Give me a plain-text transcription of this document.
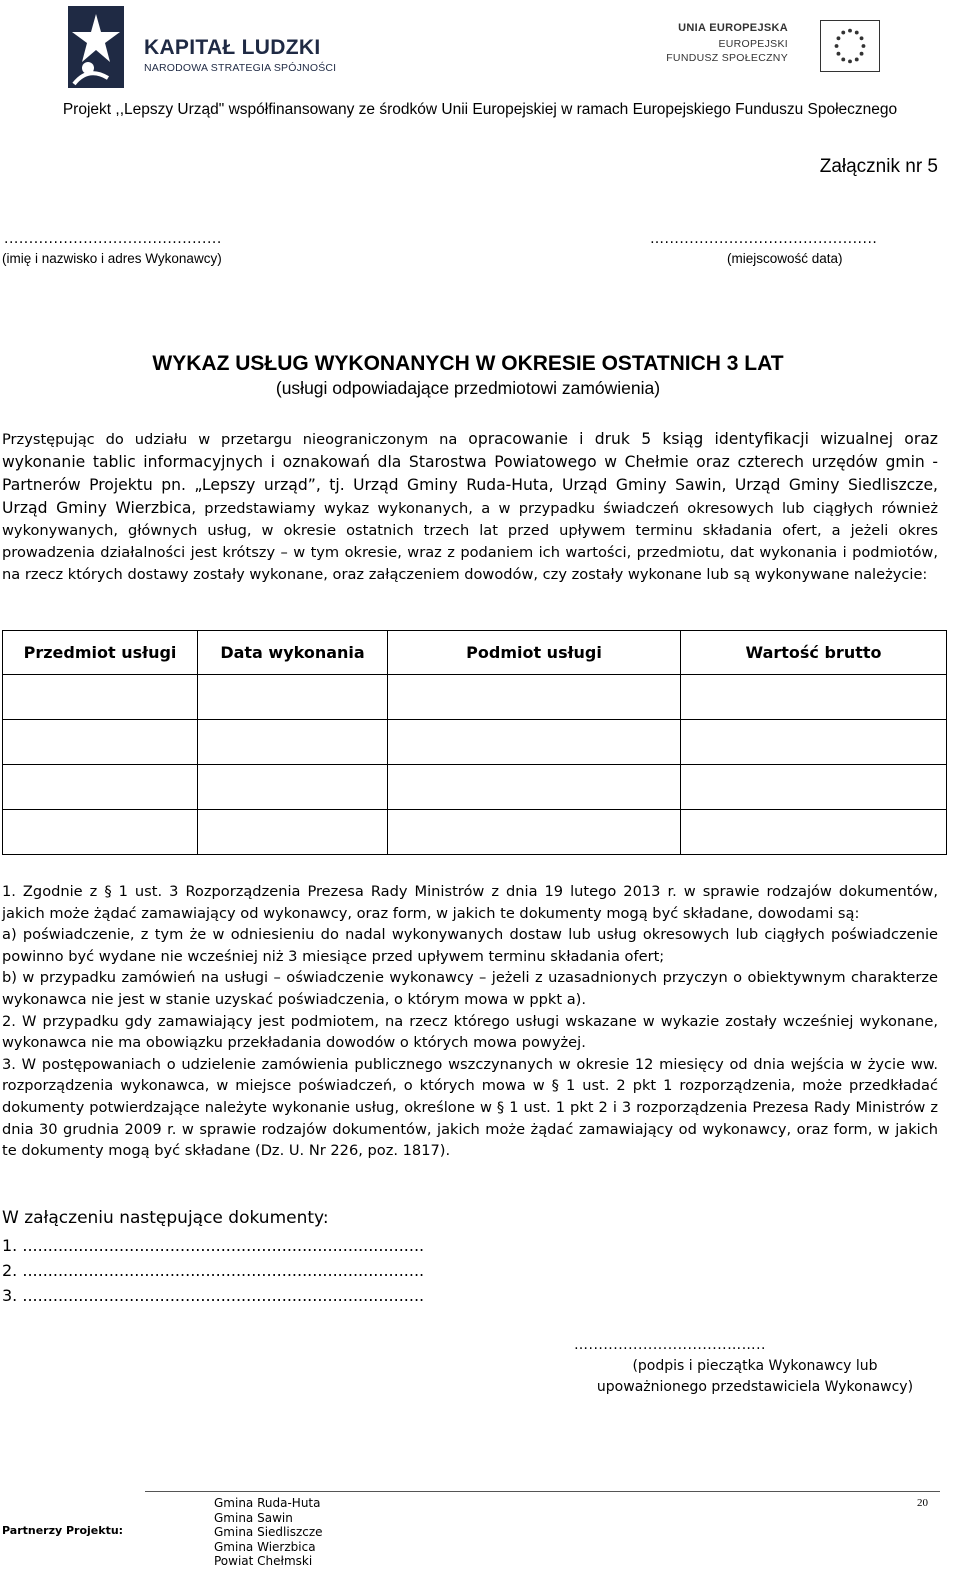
KAPITAŁ LUDZKI
NARODOWA STRATEGIA SPÓJNOŚCI
UNIA EUROPEJSKA
EUROPEJSKI
FUNDUSZ SPOŁECZNY
Projekt ,,Lepszy Urząd" współfinansowany ze środków Unii Europejskiej w ramach Europejskiego Funduszu Społecznego
Załącznik nr 5
............................................
(imię i nazwisko i adres Wykonawcy)
…...........................................
(miejscowość data)
WYKAZ USŁUG WYKONANYCH W OKRESIE OSTATNICH 3 LAT
(usługi odpowiadające przedmiotowi zamówienia)
Przystępując do udziału w przetargu nieograniczonym na opracowanie i druk 5 ksiąg identyfikacji wizualnej oraz wykonanie tablic informacyjnych i oznakowań dla Starostwa Powiatowego w Chełmie oraz czterech urzędów gmin - Partnerów Projektu pn. „Lepszy urząd”, tj. Urząd Gminy Ruda-Huta, Urząd Gminy Sawin, Urząd Gminy Siedliszcze, Urząd Gminy Wierzbica, przedstawiamy wykaz wykonanych, a w przypadku świadczeń okresowych lub ciągłych również wykonywanych, głównych usług, w okresie ostatnich trzech lat przed upływem terminu składania ofert, a jeżeli okres prowadzenia działalności jest krótszy – w tym okresie, wraz z podaniem ich wartości, przedmiotu, dat wykonania i podmiotów, na rzecz których dostawy zostały wykonane, oraz załączeniem dowodów, czy zostały wykonane lub są wykonywane należycie:
Przedmiot usługi	Data wykonania	Podmiot usługi	Wartość brutto

1. Zgodnie z § 1 ust. 3 Rozporządzenia Prezesa Rady Ministrów z dnia 19 lutego 2013 r. w sprawie rodzajów dokumentów, jakich może żądać zamawiający od wykonawcy, oraz form, w jakich te dokumenty mogą być składane, dowodami są:

a) poświadczenie, z tym że w odniesieniu do nadal wykonywanych dostaw lub usług okresowych lub ciągłych poświadczenie powinno być wydane nie wcześniej niż 3 miesiące przed upływem terminu składania ofert;

b) w przypadku zamówień na usługi – oświadczenie wykonawcy – jeżeli z uzasadnionych przyczyn o obiektywnym charakterze wykonawca nie jest w stanie uzyskać poświadczenia, o którym mowa w ppkt a).

2. W przypadku gdy zamawiający jest podmiotem, na rzecz którego usługi wskazane w wykazie zostały wcześniej wykonane, wykonawca nie ma obowiązku przekładania dowodów o których mowa powyżej.

3. W postępowaniach o udzielenie zamówienia publicznego wszczynanych w okresie 12 miesięcy od dnia wejścia w życie ww. rozporządzenia wykonawca, w miejsce poświadczeń, o których mowa w § 1 ust. 2 pkt 1 rozporządzenia, może przedkładać dokumenty potwierdzające należyte wykonanie usług, określone w § 1 ust. 1 pkt 2 i 3 rozporządzenia Prezesa Rady Ministrów z dnia 30 grudnia 2009 r. w sprawie rodzajów dokumentów, jakich może żądać zamawiający od wykonawcy, oraz form, w jakich te dokumenty mogą być składane (Dz. U. Nr 226, poz. 1817).

W załączeniu następujące dokumenty:
1. ...............................................................................
2. ...............................................................................
3. ...............................................................................
…............................……..
(podpis i pieczątka Wykonawcy lub
upoważnionego przedstawiciela Wykonawcy)
20
Partnerzy Projektu:
Gmina Ruda-Huta
Gmina Sawin
Gmina Siedliszcze
Gmina Wierzbica
Powiat Chełmski
